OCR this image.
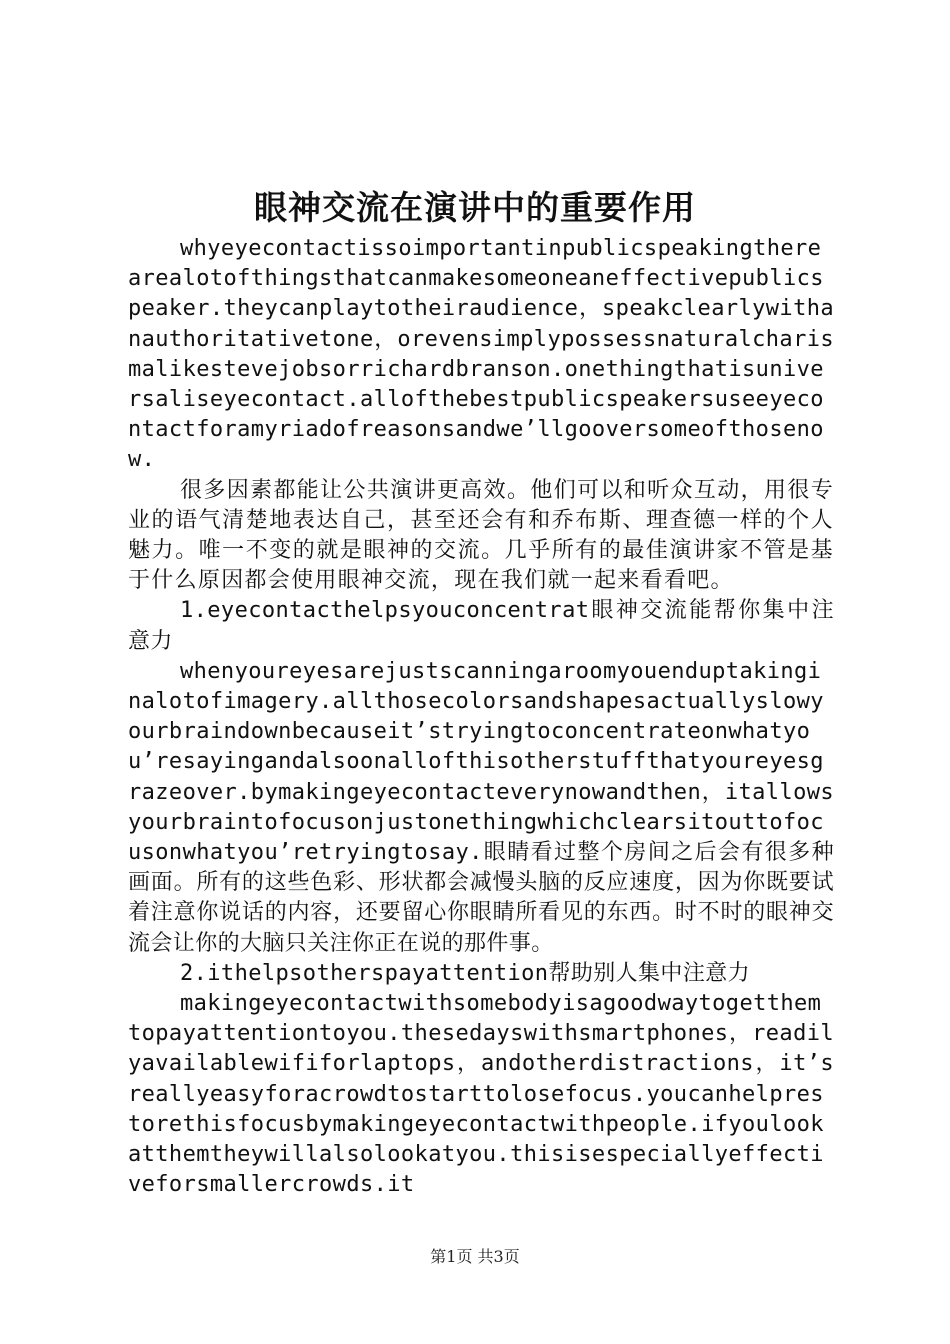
眼神交流在演讲中的重要作用

whyeyecontactissoimportantinpublicspeakingtherearealotofthingsthatcanmakesomeoneaneffectivepublicspeaker.theycanplaytotheiraudience，speakclearlywithanauthoritativetone，orevensimplypossessnaturalcharismalikestevejobsorrichardbranson.onethingthatisuniversaliseyecontact.allofthebestpublicspeakersuseeyecontactforamyriadofreasonsandwe’llgooversomeofthosenow.

很多因素都能让公共演讲更高效。他们可以和听众互动，用很专业的语气清楚地表达自己，甚至还会有和乔布斯、理查德一样的个人魅力。唯一不变的就是眼神的交流。几乎所有的最佳演讲家不管是基于什么原因都会使用眼神交流，现在我们就一起来看看吧。

1.eyecontacthelpsyouconcentrat眼神交流能帮你集中注意力

whenyoureyesarejustscanningaroomyouenduptakinginalotofimagery.allthosecolorsandshapesactuallyslowyourbraindownbecauseit’stryingtoconcentrateonwhatyou’resayingandalsoonallofthisotherstuffthatyoureyesgrazeover.bymakingeyecontacteverynowandthen，itallowsyourbraintofocusonjustonethingwhichclearsitouttofocusonwhatyou’retryingtosay.眼睛看过整个房间之后会有很多种画面。所有的这些色彩、形状都会减慢头脑的反应速度，因为你既要试着注意你说话的内容，还要留心你眼睛所看见的东西。时不时的眼神交流会让你的大脑只关注你正在说的那件事。

2.ithelpsotherspayattention帮助别人集中注意力

makingeyecontactwithsomebodyisagoodwaytogetthemtopayattentiontoyou.thesedayswithsmartphones，readilyavailablewififorlaptops，andotherdistractions，it’sreallyeasyforacrowdtostarttolosefocus.youcanhelprestorethisfocusbymakingeyecontactwithpeople.ifyoulookatthemtheywillalsolookatyou.thisisespeciallyeffectiveforsmallercrowds.it

第1页 共3页
